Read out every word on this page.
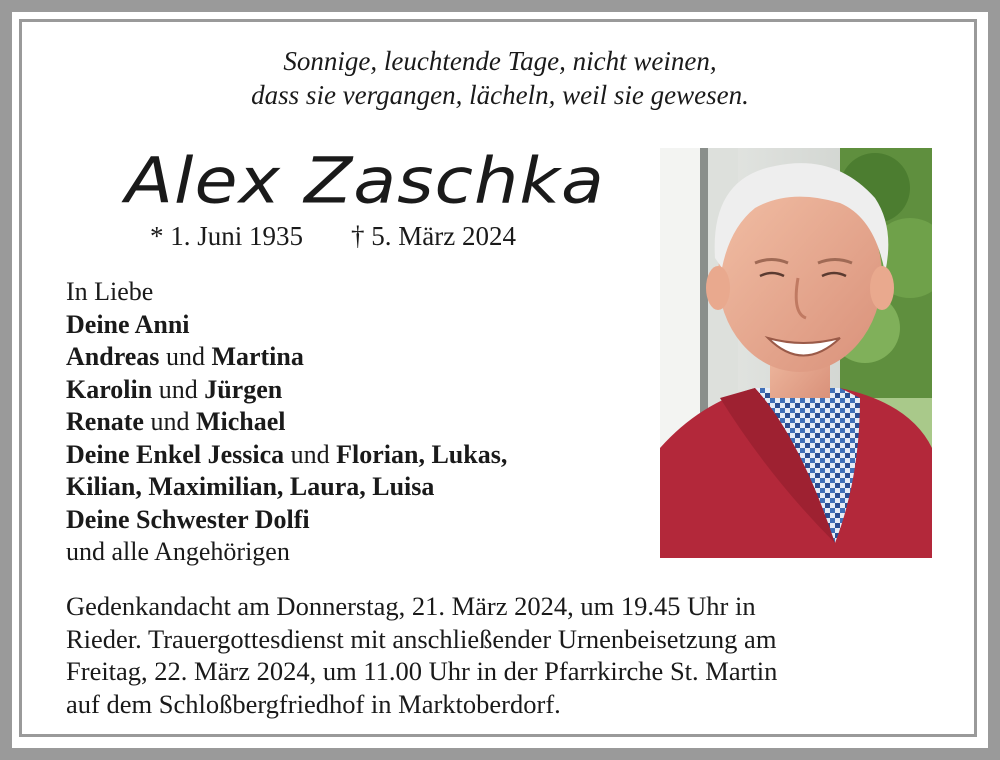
Sonnige, leuchtende Tage, nicht weinen,
dass sie vergangen, lächeln, weil sie gewesen.
Alex Zaschka
* 1. Juni 1935 † 5. März 2024
In Liebe
Deine Anni
Andreas und Martina
Karolin und Jürgen
Renate und Michael
Deine Enkel Jessica und Florian, Lukas,
Kilian, Maximilian, Laura, Luisa
Deine Schwester Dolfi
und alle Angehörigen
Gedenkandacht am Donnerstag, 21. März 2024, um 19.45 Uhr in
Rieder. Trauergottesdienst mit anschließender Urnenbeisetzung am
Freitag, 22. März 2024, um 11.00 Uhr in der Pfarrkirche St. Martin
auf dem Schloßbergfriedhof in Marktoberdorf.
